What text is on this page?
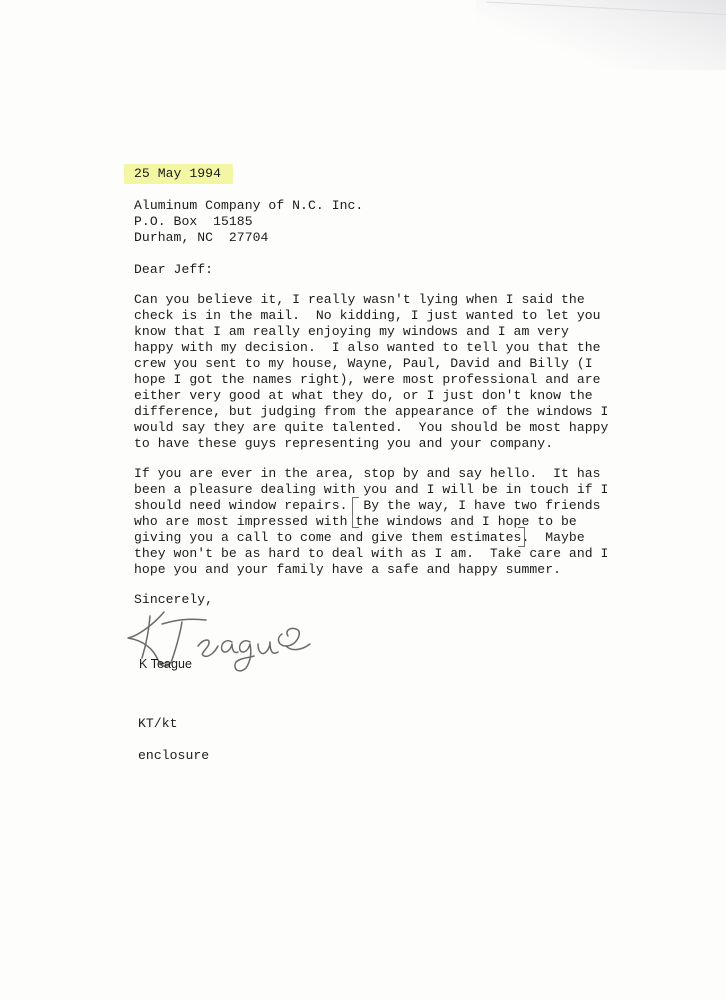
25 May 1994
Aluminum Company of N.C. Inc.
P.O. Box  15185
Durham, NC  27704
Dear Jeff:
Can you believe it, I really wasn't lying when I said the
check is in the mail.  No kidding, I just wanted to let you
know that I am really enjoying my windows and I am very
happy with my decision.  I also wanted to tell you that the
crew you sent to my house, Wayne, Paul, David and Billy (I
hope I got the names right), were most professional and are
either very good at what they do, or I just don't know the
difference, but judging from the appearance of the windows I
would say they are quite talented.  You should be most happy
to have these guys representing you and your company.
If you are ever in the area, stop by and say hello.  It has
been a pleasure dealing with you and I will be in touch if I
should need window repairs.  By the way, I have two friends
who are most impressed with the windows and I hope to be
giving you a call to come and give them estimates.  Maybe
they won't be as hard to deal with as I am.  Take care and I
hope you and your family have a safe and happy summer.
Sincerely,
K Teague
KT/kt
enclosure
